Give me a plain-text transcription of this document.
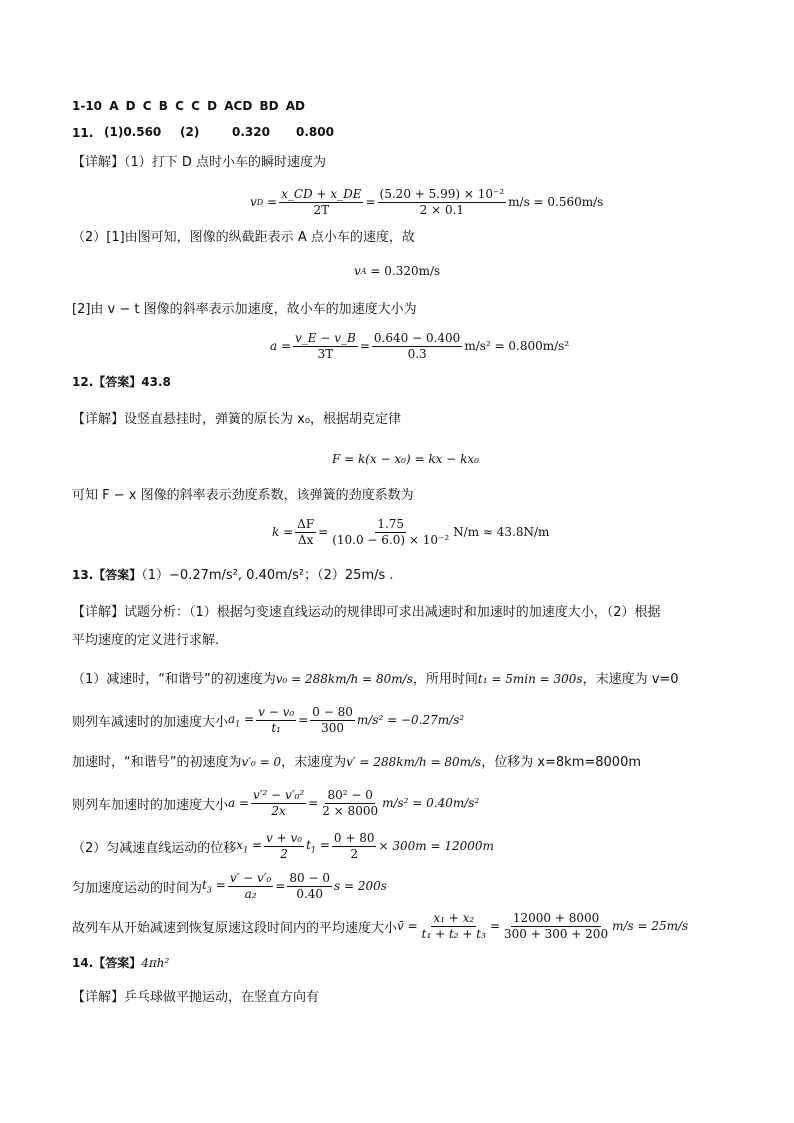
1-10 A D C B C C D ACD BD AD
11. (1)0.560 (2)	0.320 0.800
【详解】（1）打下 D 点时小车的瞬时速度为
v $D = \frac{x\_CD + x\_DE}{2T} = \frac{\text{(5.20 + 5.99) × 10⁻²}}{2 \times 0.1} m/s = 0.560m/s$
（2）[1]由图可知，图像的纵截距表示 A 点小车的速度，故
v A
= 0.320m/s
[2]由 v − t 图像的斜率表示加速度，故小车的加速度大小为
$a = \frac{v\_E - v\_B}{3T} = \frac{0.640 - 0.400}{0.3} m/s^2 = 0.800m/s^2$
12.【答案】43.8
【详解】设竖直悬挂时，弹簧的原长为 x₀，根据胡克定律
F = k(x − x₀) = kx − kx₀
可知 F − x 图像的斜率表示劲度系数，该弹簧的劲度系数为
$k = \frac{\Delta F}{\Delta x} = \frac{1.75}{\text{(10.0 − 6.0) × 10⁻²}} N/m \approx 43.8N/m$
13.【答案】（1）−0.27m/s², 0.40m/s²；（2）25m/s .
【详解】试题分析：（1）根据匀变速直线运动的规律即可求出减速时和加速时的加速度大小，（2）根据
平均速度的定义进行求解.
（1）减速时，“和谐号”的初速度为v₀ = 288km/h = 80m/s，所用时间t₁ = 5min = 300s，末速度为 v=0
则列车减速时的加速度大小 $a_1 = \frac{\text{v − v₀}}{\text{t₁}} = \frac{0 - 80}{300} m/s^2 = -0.27m/s^2$
加速时，“和谐号”的初速度为v′₀ = 0，末速度为v′ = 288km/h = 80m/s，位移为 x=8km=8000m
则列车加速时的加速度大小 $a = \frac{\text{v′² − v′₀²}}{2x} = \frac{\text{80² − 0}}{2 \times 8000} m/s^2 = 0.40m/s^2$
（2）匀减速直线运动的位移 $x_1 = \frac{\text{v + v₀}}{2} t_1 = \frac{0 + 80}{2} \times 300m = 12000m$
匀加速度运动的时间为 $t_3 = \frac{\text{v′ − v′₀}}{\text{a₂}} = \frac{80 - 0}{0.40}$ s = 200s
故列车从开始减速到恢复原速这段时间内的平均速度大小 v̄ = $\frac{\text{x₁ + x₂}}{\text{t₁ + t₂ + t₃}} = \frac{12000 + 8000}{300 + 300 + 200} m/s = 25m/s$
14.【答案】4πh²
【详解】乒乓球做平抛运动，在竖直方向有
